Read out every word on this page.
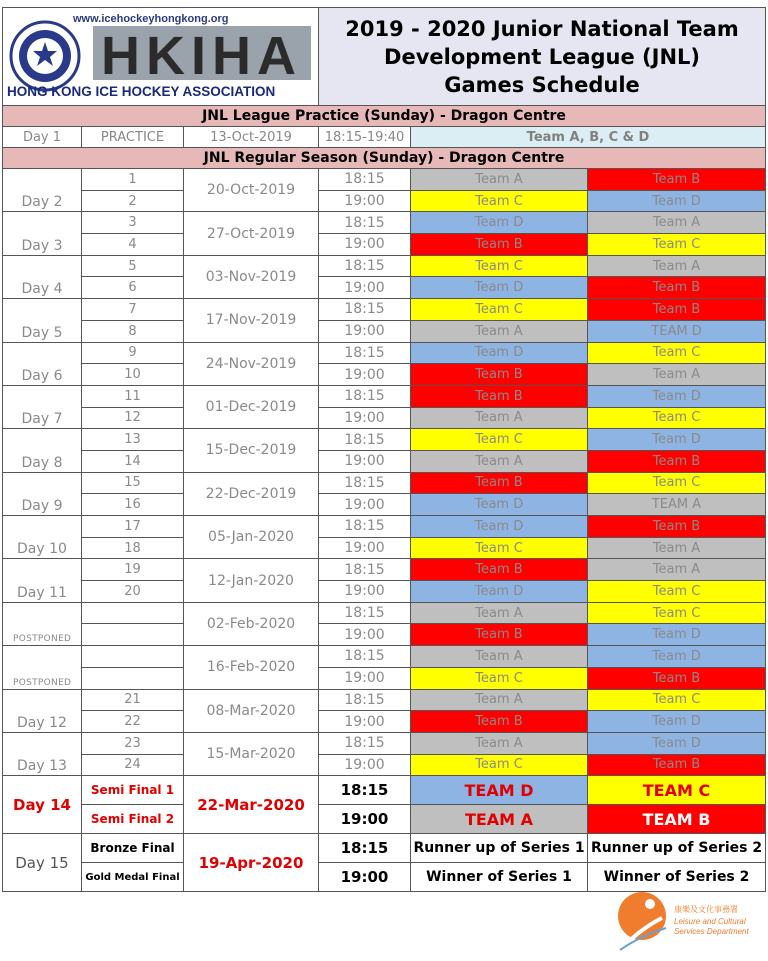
www.icehockeyhongkong.org
HKIHA
HONG KONG ICE HOCKEY ASSOCIATION			2019 - 2020 Junior National Team
Development League (JNL)
Games Schedule		

JNL League Practice (Sunday) - Dragon Centre					
Day 1	PRACTICE	13-Oct-2019	18:15-19:40	Team A, B, C & D	
JNL Regular Season (Sunday) - Dragon Centre					

Day 2	1	20-Oct-2019	18:15	Team A	Team B
	2		19:00	Team C	Team D

Day 3	3	27-Oct-2019	18:15	Team D	Team A
	4		19:00	Team B	Team C

Day 4	5	03-Nov-2019	18:15	Team C	Team A
	6		19:00	Team D	Team B

Day 5	7	17-Nov-2019	18:15	Team C	Team B
	8		19:00	Team A	TEAM D

Day 6	9	24-Nov-2019	18:15	Team D	Team C
	10		19:00	Team B	Team A

Day 7	11	01-Dec-2019	18:15	Team B	Team D
	12		19:00	Team A	Team C

Day 8	13	15-Dec-2019	18:15	Team C	Team D
	14		19:00	Team A	Team B

Day 9	15	22-Dec-2019	18:15	Team B	Team C
	16		19:00	Team D	TEAM A

Day 10	17	05-Jan-2020	18:15	Team D	Team B
	18		19:00	Team C	Team A

Day 11	19	12-Jan-2020	18:15	Team B	Team A
	20		19:00	Team D	Team C

POSTPONED		02-Feb-2020	18:15	Team A	Team C
			19:00	Team B	Team D

POSTPONED		16-Feb-2020	18:15	Team A	Team D
			19:00	Team C	Team B

Day 12	21	08-Mar-2020	18:15	Team A	Team C
	22		19:00	Team B	Team D

Day 13	23	15-Mar-2020	18:15	Team A	Team D
	24		19:00	Team C	Team B
Day 14	Semi Final 1	22-Mar-2020	18:15	TEAM D	TEAM C
	Semi Final 2		19:00	TEAM A	TEAM B
Day 15	Bronze Final	19-Apr-2020	18:15	Runner up of Series 1	Runner up of Series 2
	Gold Medal Final		19:00	Winner of Series 1	Winner of Series 2
康樂及文化事務署
Leisure and Cultural
Services Department
